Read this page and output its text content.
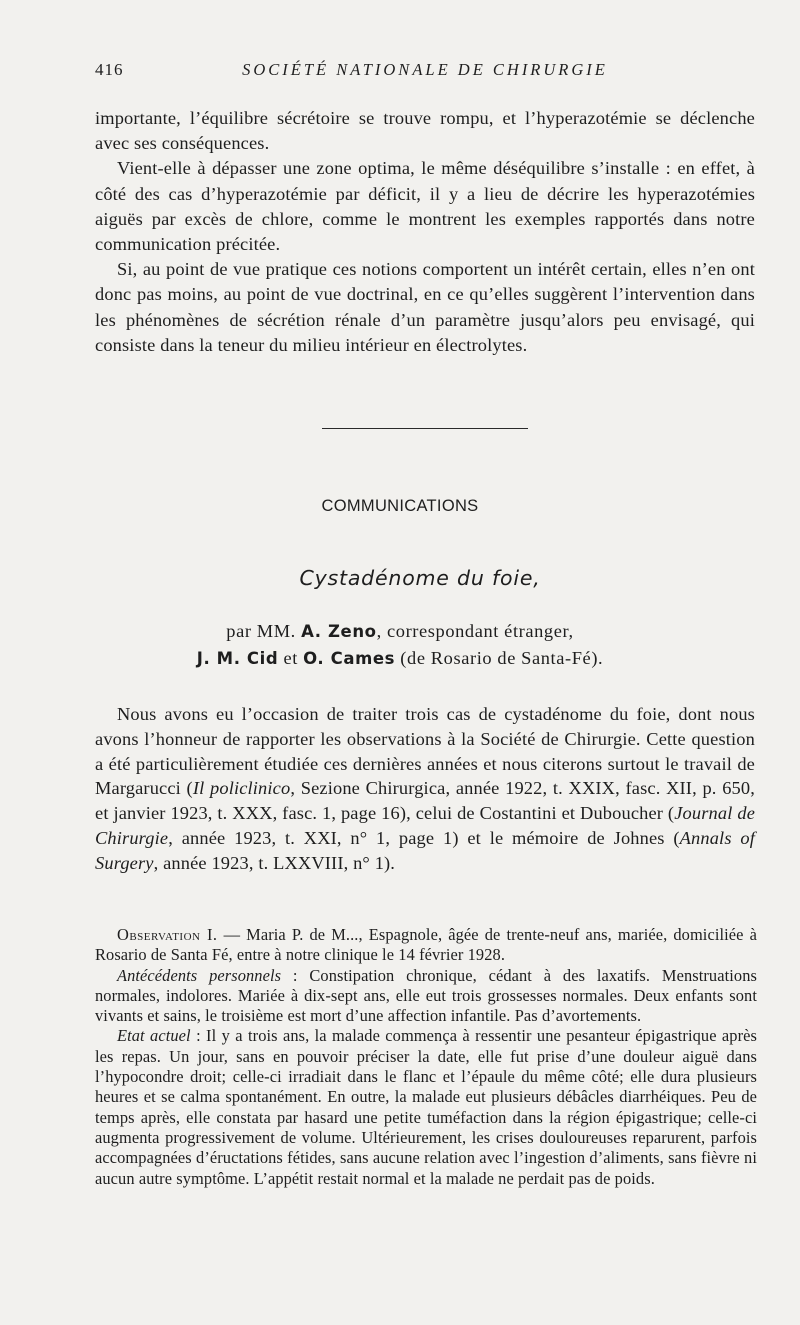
416	SOCIÉTÉ NATIONALE DE CHIRURGIE

importante, l’équilibre sécrétoire se trouve rompu, et l’hyperazotémie se déclenche avec ses conséquences.

Vient-elle à dépasser une zone optima, le même déséquilibre s’installe : en effet, à côté des cas d’hyperazotémie par déficit, il y a lieu de décrire les hyperazotémies aiguës par excès de chlore, comme le montrent les exemples rapportés dans notre communication précitée.

Si, au point de vue pratique ces notions comportent un intérêt certain, elles n’en ont donc pas moins, au point de vue doctrinal, en ce qu’elles suggèrent l’intervention dans les phénomènes de sécrétion rénale d’un paramètre jusqu’alors peu envisagé, qui consiste dans la teneur du milieu intérieur en électrolytes.

COMMUNICATIONS
Cystadénome du foie,
par MM. A. Zeno, correspondant étranger,
J. M. Cid et O. Cames (de Rosario de Santa-Fé).

Nous avons eu l’occasion de traiter trois cas de cystadénome du foie, dont nous avons l’honneur de rapporter les observations à la Société de Chirurgie. Cette question a été particulièrement étudiée ces dernières années et nous citerons surtout le travail de Margarucci (Il policlinico, Sezione Chirurgica, année 1922, t. XXIX, fasc. XII, p. 650, et janvier 1923, t. XXX, fasc. 1, page 16), celui de Costantini et Duboucher (Journal de Chirurgie, année 1923, t. XXI, n° 1, page 1) et le mémoire de Johnes (Annals of Surgery, année 1923, t. LXXVIII, n° 1).

Observation I. — Maria P. de M..., Espagnole, âgée de trente-neuf ans, mariée, domiciliée à Rosario de Santa Fé, entre à notre clinique le 14 février 1928.

Antécédents personnels : Constipation chronique, cédant à des laxatifs. Menstruations normales, indolores. Mariée à dix-sept ans, elle eut trois grossesses normales. Deux enfants sont vivants et sains, le troisième est mort d’une affection infantile. Pas d’avortements.

Etat actuel : Il y a trois ans, la malade commença à ressentir une pesanteur épigastrique après les repas. Un jour, sans en pouvoir préciser la date, elle fut prise d’une douleur aiguë dans l’hypocondre droit; celle-ci irradiait dans le flanc et l’épaule du même côté; elle dura plusieurs heures et se calma spontanément. En outre, la malade eut plusieurs débâcles diarrhéiques. Peu de temps après, elle constata par hasard une petite tuméfaction dans la région épigastrique; celle-ci augmenta progressivement de volume. Ultérieurement, les crises douloureuses reparurent, parfois accompagnées d’éructations fétides, sans aucune relation avec l’ingestion d’aliments, sans fièvre ni aucun autre symptôme. L’appétit restait normal et la malade ne perdait pas de poids.
